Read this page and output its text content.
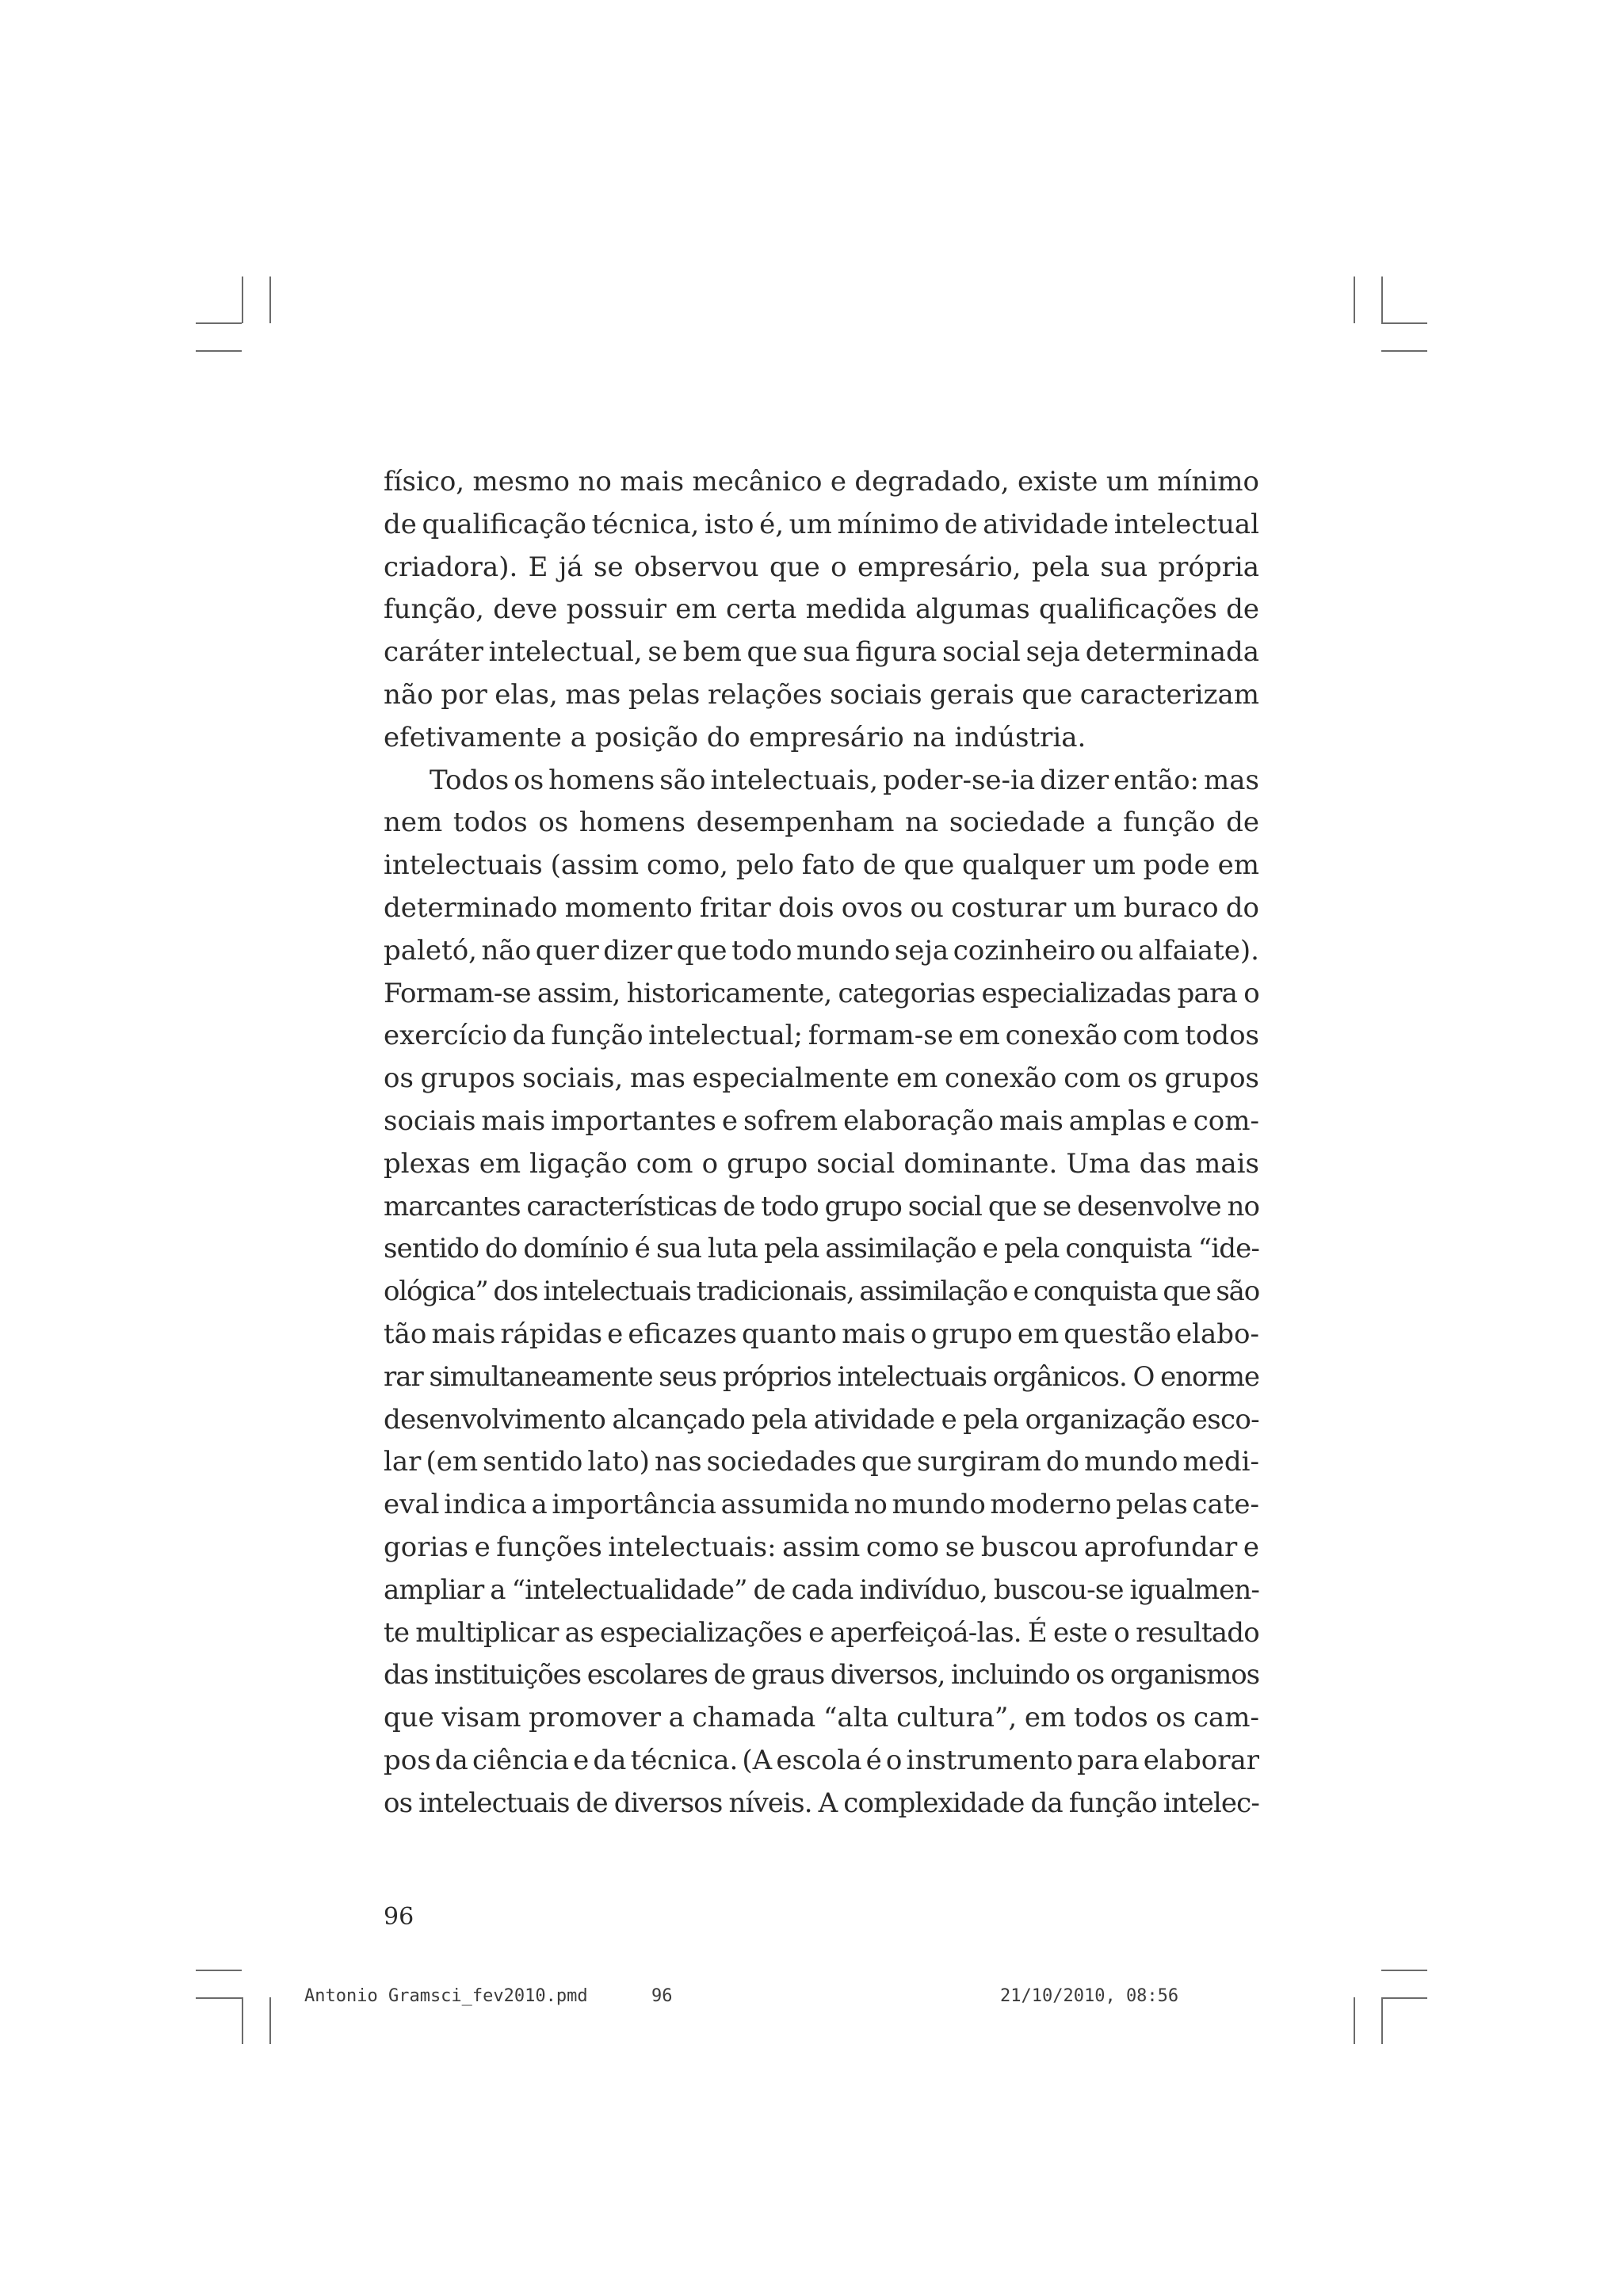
físico, mesmo no mais mecânico e degradado, existe um mínimo
de qualificação técnica, isto é, um mínimo de atividade intelectual
criadora). E já se observou que o empresário, pela sua própria
função, deve possuir em certa medida algumas qualificações de
caráter intelectual, se bem que sua figura social seja determinada
não por elas, mas pelas relações sociais gerais que caracterizam
efetivamente a posição do empresário na indústria.
Todos os homens são intelectuais, poder-se-ia dizer então: mas
nem todos os homens desempenham na sociedade a função de
intelectuais (assim como, pelo fato de que qualquer um pode em
determinado momento fritar dois ovos ou costurar um buraco do
paletó, não quer dizer que todo mundo seja cozinheiro ou alfaiate).
Formam-se assim, historicamente, categorias especializadas para o
exercício da função intelectual; formam-se em conexão com todos
os grupos sociais, mas especialmente em conexão com os grupos
sociais mais importantes e sofrem elaboração mais amplas e com-
plexas em ligação com o grupo social dominante. Uma das mais
marcantes características de todo grupo social que se desenvolve no
sentido do domínio é sua luta pela assimilação e pela conquista “ide-
ológica” dos intelectuais tradicionais, assimilação e conquista que são
tão mais rápidas e eficazes quanto mais o grupo em questão elabo-
rar simultaneamente seus próprios intelectuais orgânicos. O enorme
desenvolvimento alcançado pela atividade e pela organização esco-
lar (em sentido lato) nas sociedades que surgiram do mundo medi-
eval indica a importância assumida no mundo moderno pelas cate-
gorias e funções intelectuais: assim como se buscou aprofundar e
ampliar a “intelectualidade” de cada indivíduo, buscou-se igualmen-
te multiplicar as especializações e aperfeiçoá-las. É este o resultado
das instituições escolares de graus diversos, incluindo os organismos
que visam promover a chamada “alta cultura”, em todos os cam-
pos da ciência e da técnica. (A escola é o instrumento para elaborar
os intelectuais de diversos níveis. A complexidade da função intelec-
96
Antonio Gramsci_fev2010.pmd	96	21/10/2010, 08:56
